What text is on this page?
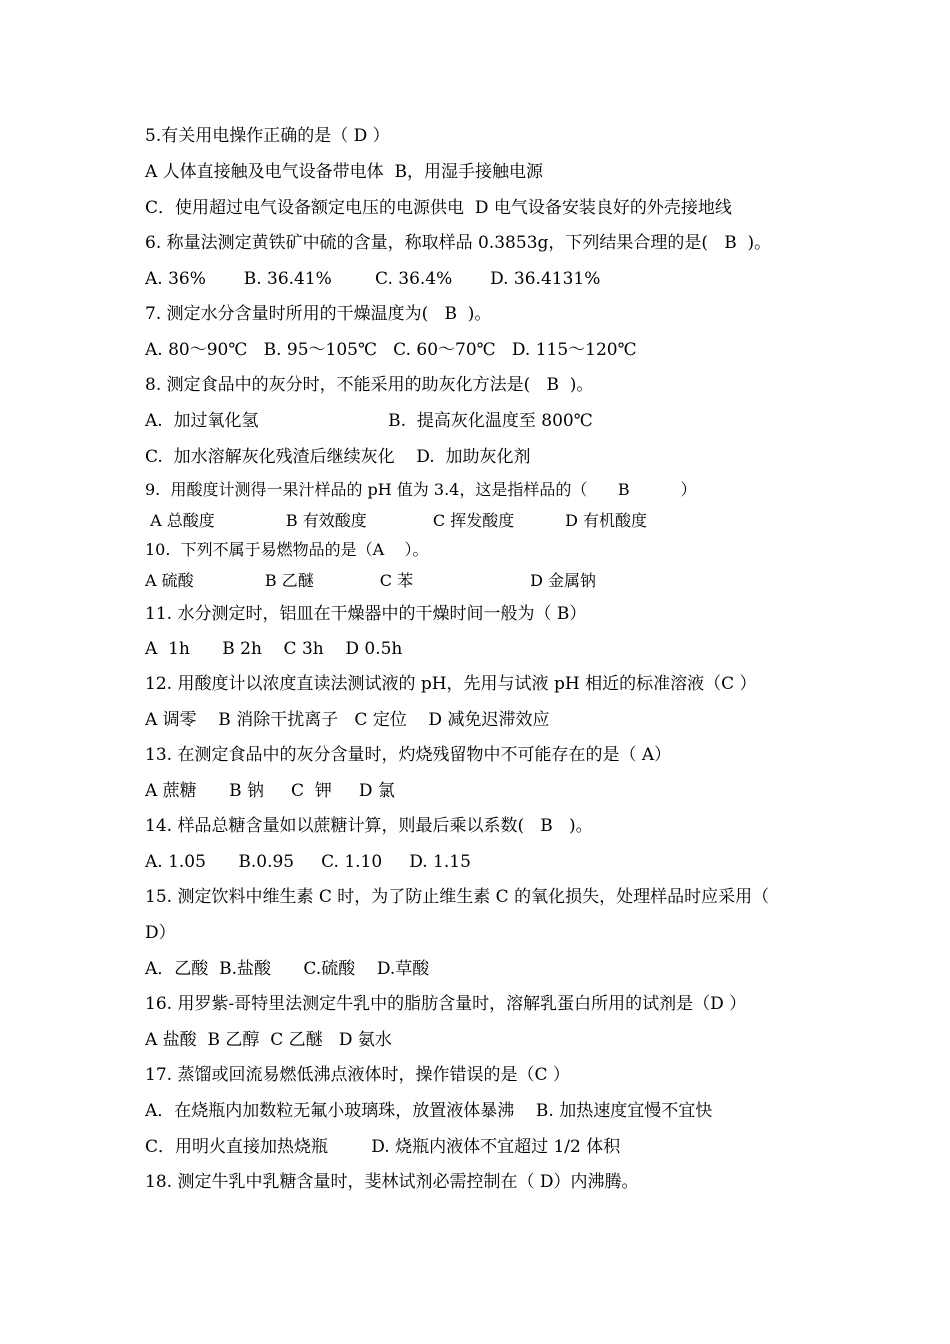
5.有关用电操作正确的是（ D ）
A 人体直接触及电气设备带电体  B，用湿手接触电源
C．使用超过电气设备额定电压的电源供电  D 电气设备安装良好的外壳接地线
6. 称量法测定黄铁矿中硫的含量，称取样品 0.3853g，下列结果合理的是(   B  )。
A. 36%       B. 36.41%        C. 36.4%       D. 36.4131%
7. 测定水分含量时所用的干燥温度为(   B  )。
A. 80～90℃   B. 95～105℃   C. 60～70℃   D. 115～120℃
8. 测定食品中的灰分时，不能采用的助灰化方法是(   B  )。
A.  加过氧化氢                        B.  提高灰化温度至 800℃
C.  加水溶解灰化残渣后继续灰化    D.  加助灰化剂
9.  用酸度计测得一果汁样品的 pH 值为 3.4，这是指样品的（      B          ）
A 总酸度              B 有效酸度             C 挥发酸度          D 有机酸度
10.  下列不属于易燃物品的是（A    ）。
A 硫酸              B 乙醚             C 苯                       D 金属钠
11. 水分测定时，铝皿在干燥器中的干燥时间一般为（ B）
A  1h      B 2h    C 3h    D 0.5h
12. 用酸度计以浓度直读法测试液的 pH，先用与试液 pH 相近的标准溶液（C ）
A 调零    B 消除干扰离子   C 定位    D 减免迟滞效应
13. 在测定食品中的灰分含量时，灼烧残留物中不可能存在的是（ A）
A 蔗糖      B 钠     C  钾     D 氯
14. 样品总糖含量如以蔗糖计算，则最后乘以系数(   B   )。
A. 1.05      B.0.95     C. 1.10     D. 1.15
15. 测定饮料中维生素 C 时，为了防止维生素 C 的氧化损失，处理样品时应采用（
D）
A．乙酸  B.盐酸      C.硫酸    D.草酸
16. 用罗紫-哥特里法测定牛乳中的脂肪含量时，溶解乳蛋白所用的试剂是（D ）
A 盐酸  B 乙醇  C 乙醚   D 氨水
17. 蒸馏或回流易燃低沸点液体时，操作错误的是（C ）
A．在烧瓶内加数粒无氟小玻璃珠，放置液体暴沸    B. 加热速度宜慢不宜快
C．用明火直接加热烧瓶        D. 烧瓶内液体不宜超过 1/2 体积
18. 测定牛乳中乳糖含量时，斐林试剂必需控制在（ D）内沸腾。
